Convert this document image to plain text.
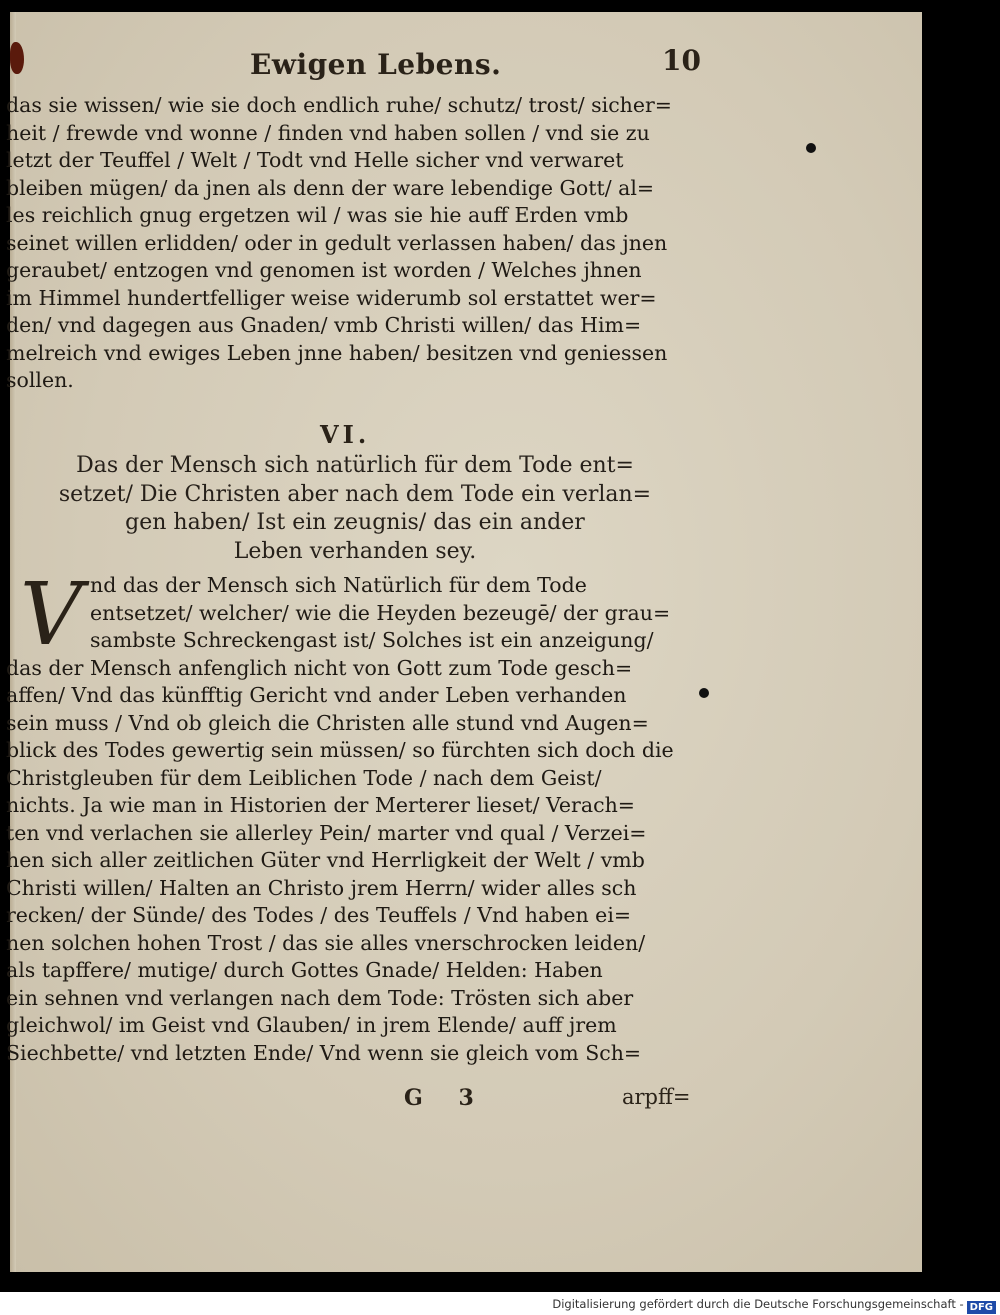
Ewigen Lebens.	10
das sie wissen/ wie sie doch endlich ruhe/ schutz/ trost/ sicher=
heit / frewde vnd wonne / finden vnd haben sollen / vnd sie zu
letzt der Teuffel / Welt / Todt vnd Helle sicher vnd verwaret
bleiben mügen/ da jnen als denn der ware lebendige Gott/ al=
les reichlich gnug ergetzen wil / was sie hie auff Erden vmb
seinet willen erlidden/ oder in gedult verlassen haben/ das jnen
geraubet/ entzogen vnd genomen ist worden / Welches jhnen
im Himmel hundertfelliger weise widerumb sol erstattet wer=
den/ vnd dagegen aus Gnaden/ vmb Christi willen/ das Him=
melreich vnd ewiges Leben jnne haben/ besitzen vnd geniessen
sollen.
VI.
Das der Mensch sich natürlich für dem Tode ent=
setzet/ Die Christen aber nach dem Tode ein verlan=
gen haben/ Ist ein zeugnis/ das ein ander
Leben verhanden sey.
V nd das der Mensch sich Natürlich für dem Tode
entsetzet/ welcher/ wie die Heyden bezeugē/ der grau=
sambste Schreckengast ist/ Solches ist ein anzeigung/
das der Mensch anfenglich nicht von Gott zum Tode gesch=
affen/ Vnd das künfftig Gericht vnd ander Leben verhanden
sein muss / Vnd ob gleich die Christen alle stund vnd Augen=
blick des Todes gewertig sein müssen/ so fürchten sich doch die
Christgleuben für dem Leiblichen Tode / nach dem Geist/
nichts. Ja wie man in Historien der Merterer lieset/ Verach=
ten vnd verlachen sie allerley Pein/ marter vnd qual / Verzei=
hen sich aller zeitlichen Güter vnd Herrligkeit der Welt / vmb
Christi willen/ Halten an Christo jrem Herrn/ wider alles sch
recken/ der Sünde/ des Todes / des Teuffels / Vnd haben ei=
nen solchen hohen Trost / das sie alles vnerschrocken leiden/
als tapffere/ mutige/ durch Gottes Gnade/ Helden: Haben
ein sehnen vnd verlangen nach dem Tode: Trösten sich aber
gleichwol/ im Geist vnd Glauben/ in jrem Elende/ auff jrem
Siechbette/ vnd letzten Ende/ Vnd wenn sie gleich vom Sch=
G 3	arpff=
Digitalisierung gefördert durch die Deutsche Forschungsgemeinschaft - DFG
